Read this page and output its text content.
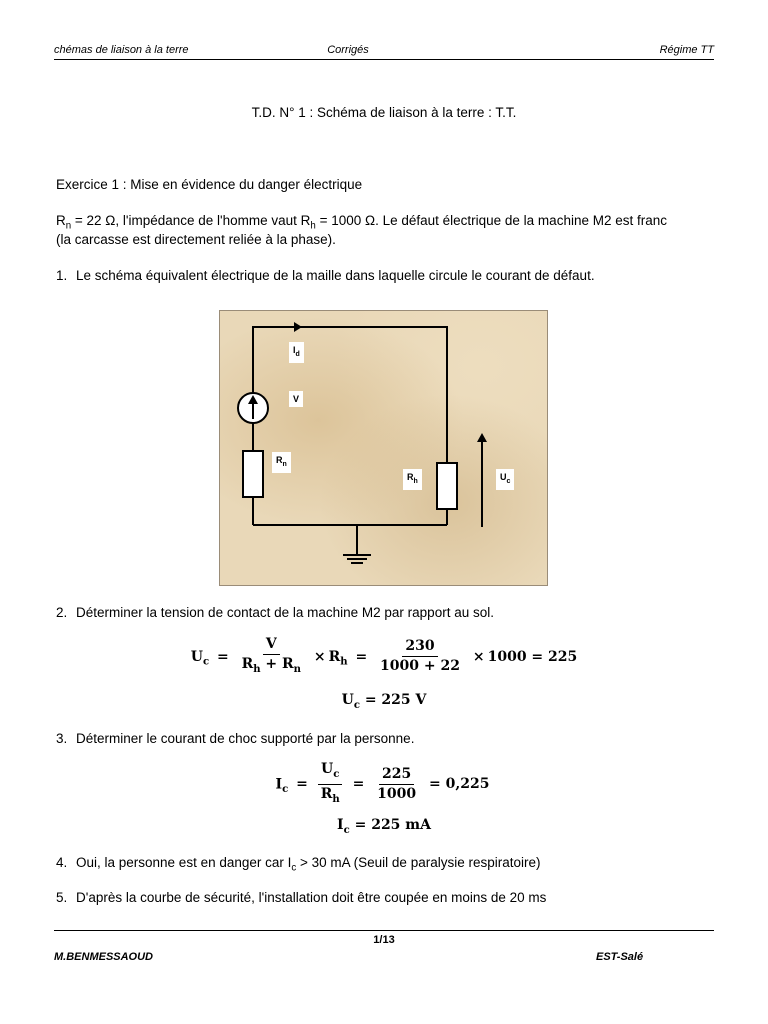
chémas de liaison à la terre	Corrigés	Régime TT
T.D. N° 1 : Schéma de liaison à la terre : T.T.
Exercice 1 : Mise en évidence du danger électrique
$R_n = 22$ Ω, l'impédance de l'homme vaut $R_h = 1000$ Ω. Le défaut électrique de la machine M2 est franc
(la carcasse est directement reliée à la phase).
1. Le schéma équivalent électrique de la maille dans laquelle circule le courant de défaut.
$I_d$
V
$R_n$
$R_h$	$U_c$
2. Déterminer la tension de contact de la machine M2 par rapport au sol.
$U_c = \frac{V}{R_h + R_n} \times R_h = \frac{230}{1000 + 22} \times 1000 = 225$
$U_c = 225$ V
3. Déterminer le courant de choc supporté par la personne.
$I_c = \frac{U_c}{R_h} = \frac{225}{1000} = 0,225$
$I_c = 225$ mA
4. Oui, la personne est en danger car $I_c > 30$ mA (Seuil de paralysie respiratoire)
5. D'après la courbe de sécurité, l'installation doit être coupée en moins de 20 ms
1/13
M.BENMESSAOUD	EST-Salé
